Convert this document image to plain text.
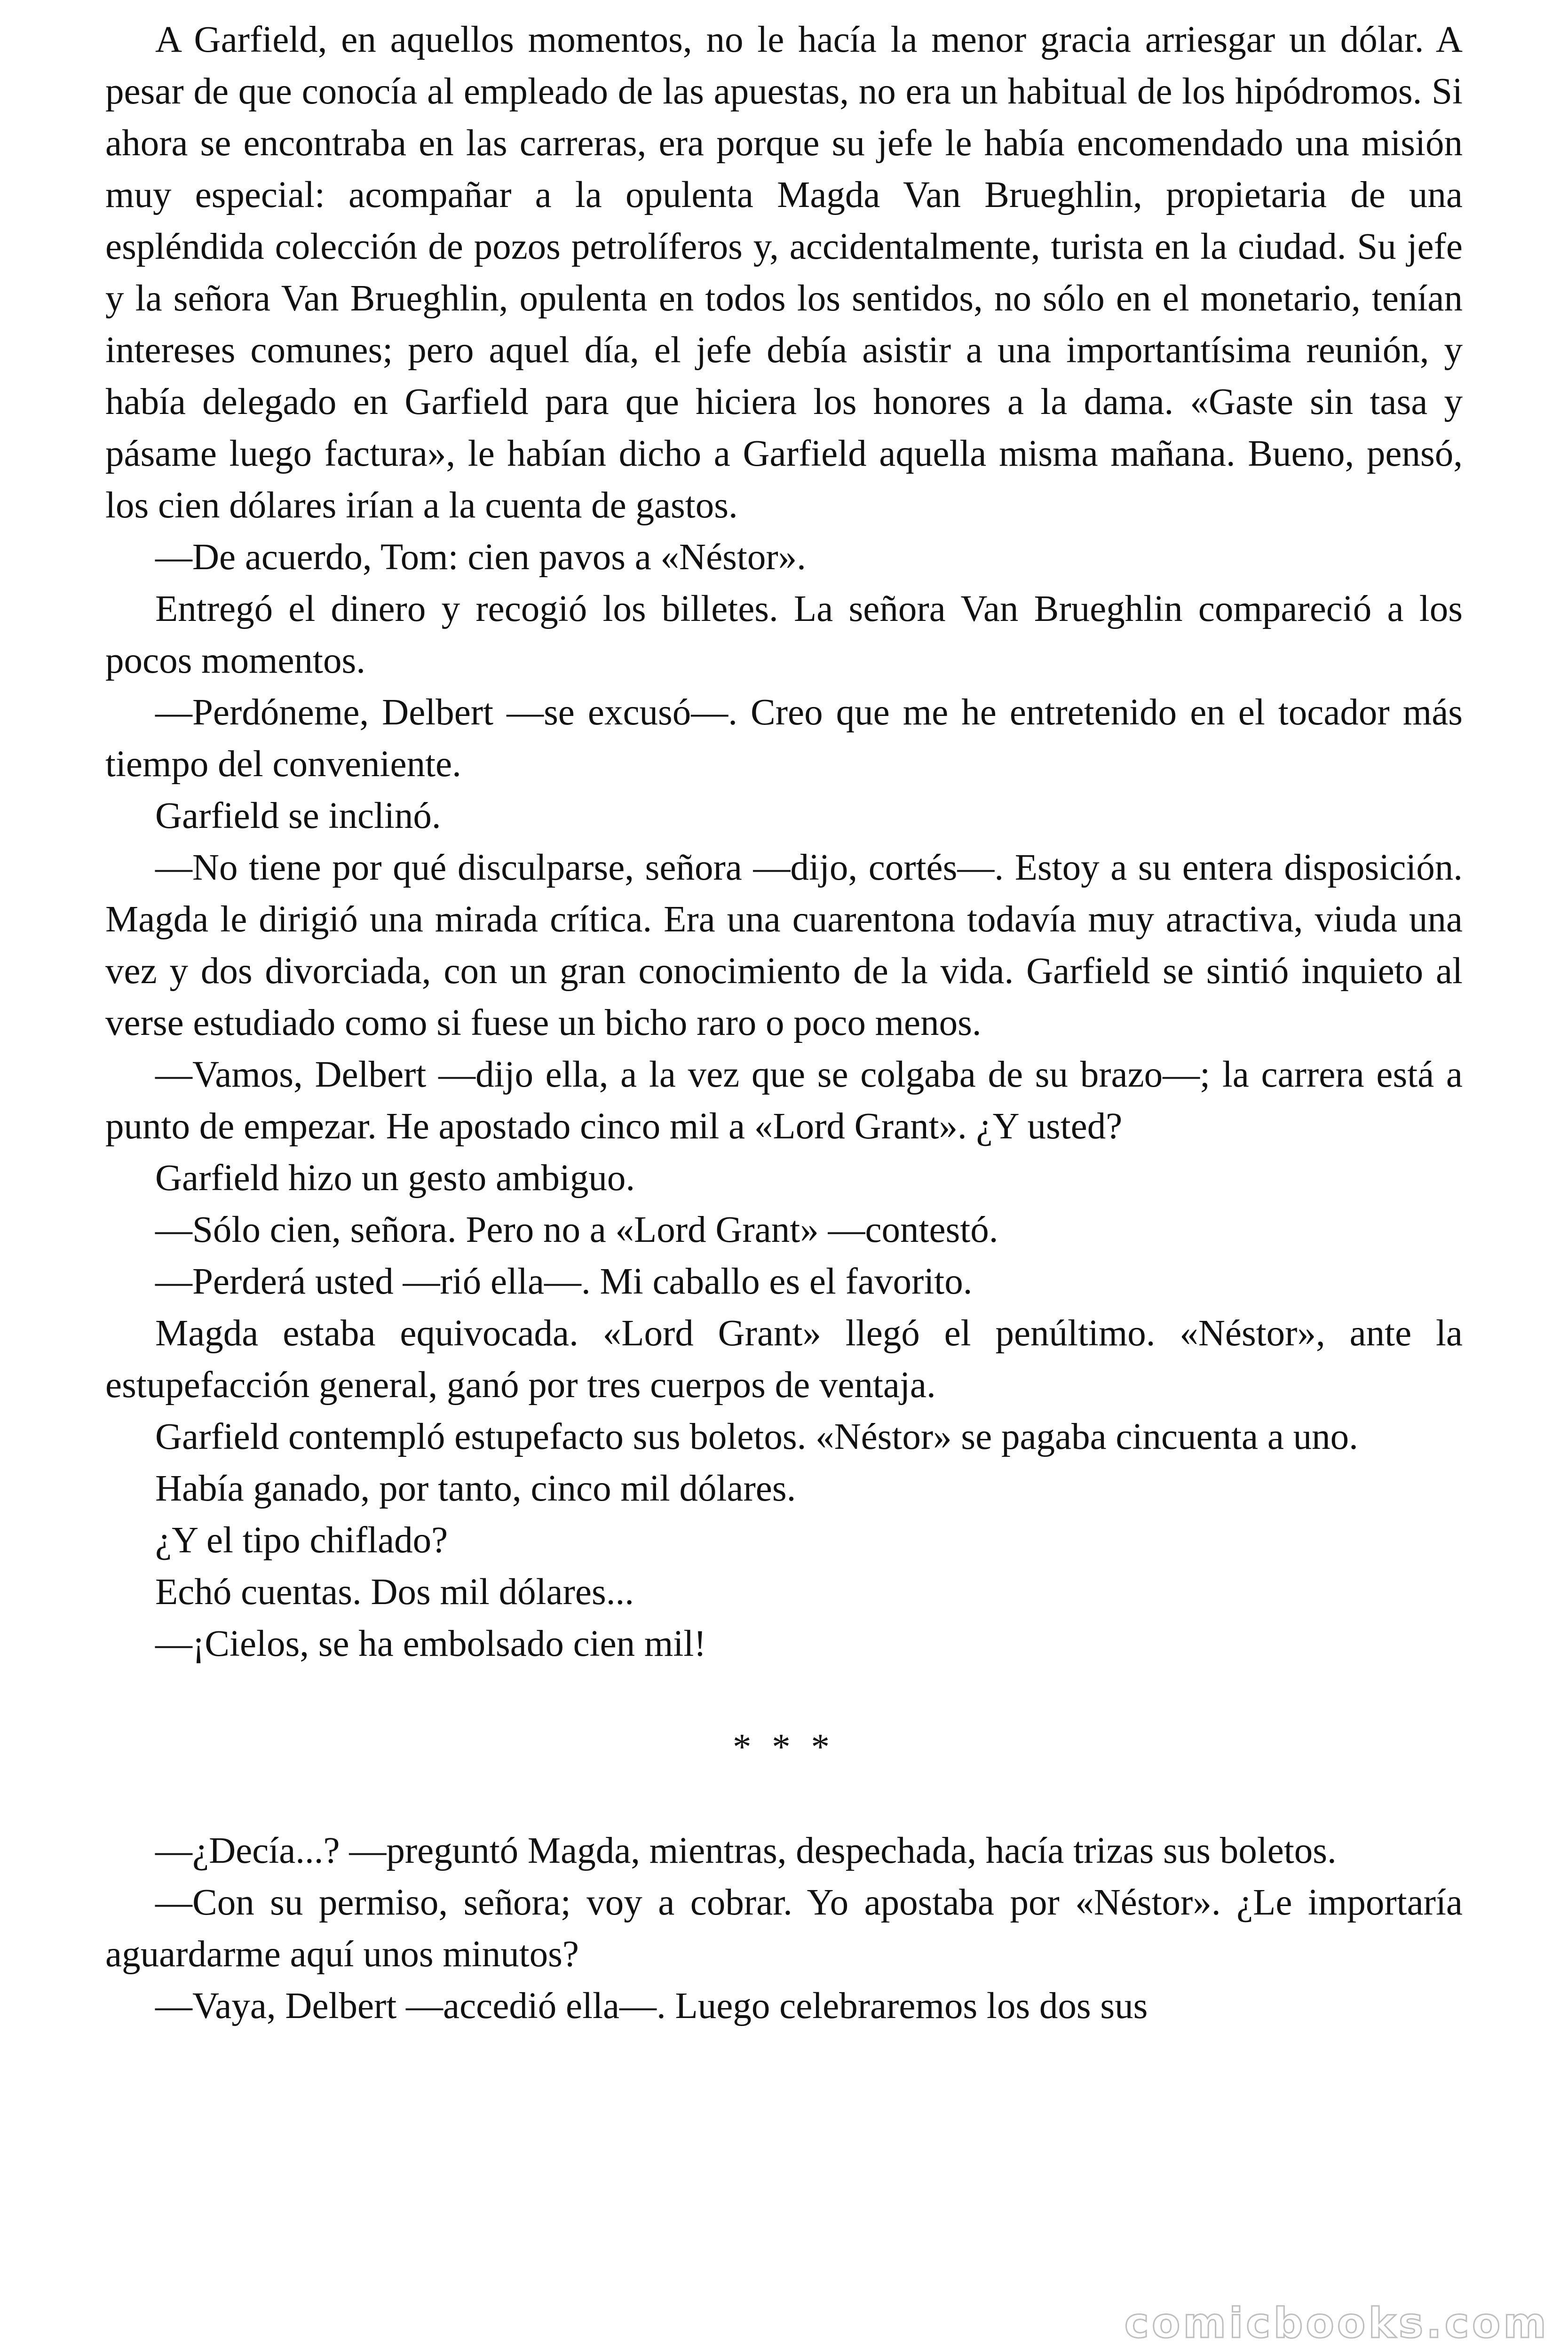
A Garfield, en aquellos momentos, no le hacía la menor gracia arriesgar un dólar. A pesar de que conocía al empleado de las apuestas, no era un habitual de los hipódromos. Si ahora se encontraba en las carreras, era porque su jefe le había encomendado una misión muy especial: acompañar a la opulenta Magda Van Brueghlin, propietaria de una espléndida colección de pozos petrolíferos y, accidentalmente, turista en la ciudad. Su jefe y la señora Van Brueghlin, opulenta en todos los sentidos, no sólo en el monetario, tenían intereses comunes; pero aquel día, el jefe debía asistir a una importantísima reunión, y había delegado en Garfield para que hiciera los honores a la dama. «Gaste sin tasa y pásame luego factura», le habían dicho a Garfield aquella misma mañana. Bueno, pensó, los cien dólares irían a la cuenta de gastos.

—De acuerdo, Tom: cien pavos a «Néstor».

Entregó el dinero y recogió los billetes. La señora Van Brueghlin compareció a los pocos momentos.

—Perdóneme, Delbert —se excusó—. Creo que me he entretenido en el tocador más tiempo del conveniente.

Garfield se inclinó.

—No tiene por qué disculparse, señora —dijo, cortés—. Estoy a su entera disposición. Magda le dirigió una mirada crítica. Era una cuarentona todavía muy atractiva, viuda una vez y dos divorciada, con un gran conocimiento de la vida. Garfield se sintió inquieto al verse estudiado como si fuese un bicho raro o poco menos.

—Vamos, Delbert —dijo ella, a la vez que se colgaba de su brazo—; la carrera está a punto de empezar. He apostado cinco mil a «Lord Grant». ¿Y usted?

Garfield hizo un gesto ambiguo.

—Sólo cien, señora. Pero no a «Lord Grant» —contestó.

—Perderá usted —rió ella—. Mi caballo es el favorito.

Magda estaba equivocada. «Lord Grant» llegó el penúltimo. «Néstor», ante la estupefacción general, ganó por tres cuerpos de ventaja.

Garfield contempló estupefacto sus boletos. «Néstor» se pagaba cincuenta a uno.

Había ganado, por tanto, cinco mil dólares.

¿Y el tipo chiflado?

Echó cuentas. Dos mil dólares...

—¡Cielos, se ha embolsado cien mil!

* * *

—¿Decía...? —preguntó Magda, mientras, despechada, hacía trizas sus boletos.

—Con su permiso, señora; voy a cobrar. Yo apostaba por «Néstor». ¿Le importaría aguardarme aquí unos minutos?

—Vaya, Delbert —accedió ella—. Luego celebraremos los dos sus

comicbooks.com
